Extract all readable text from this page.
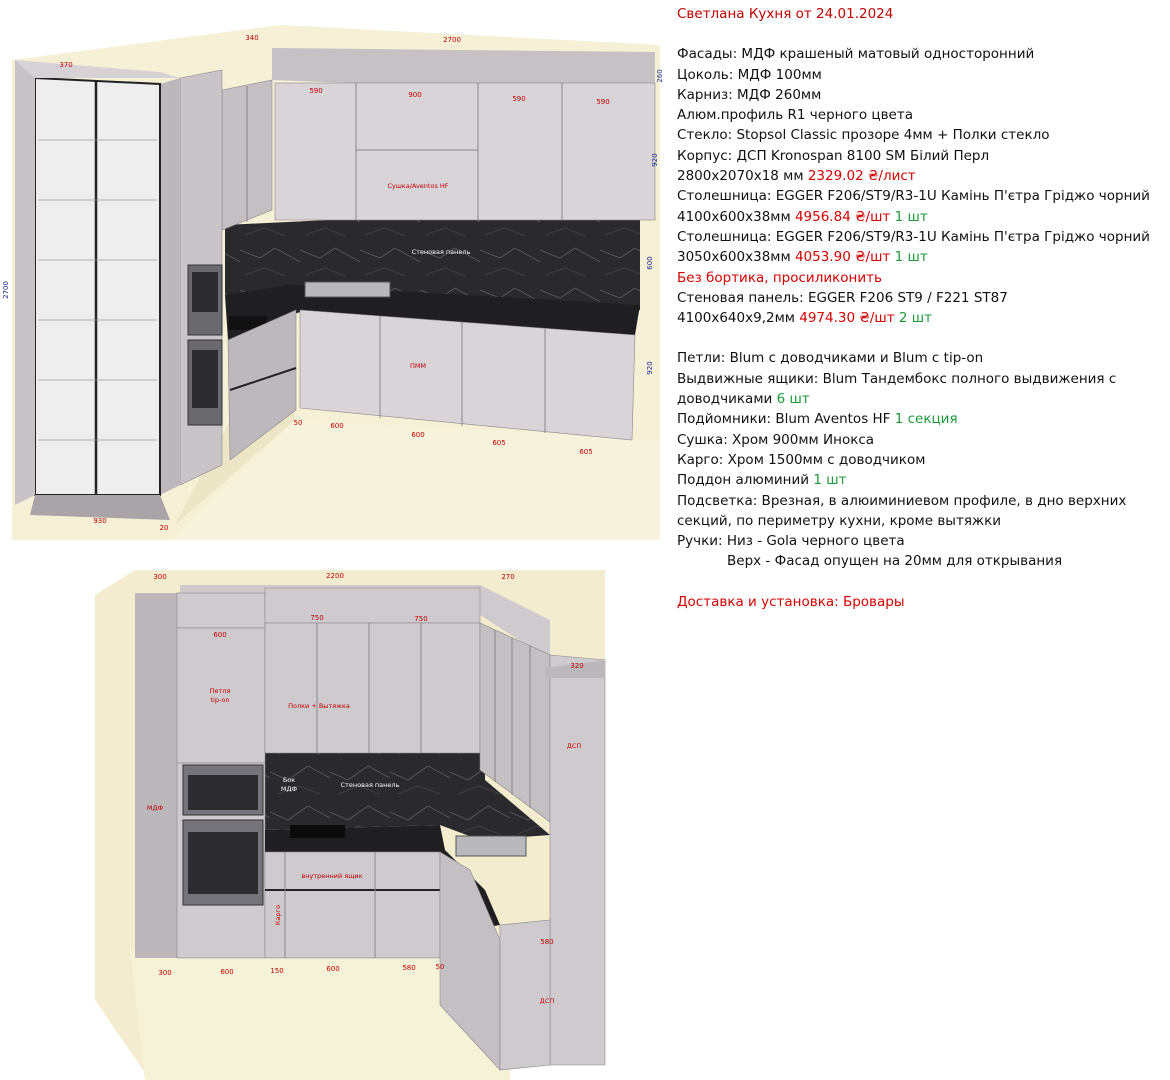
370
340	2700
590	900	590	590
50	600
600
605
605
930
20
260
920
600
920
2700
Сушка/Aventos HF
Стеновая панель
ПММ
300	2200	270
750	750
600
320
580
300	600	150	600	580	50
Петля
tip-on
Полки + Вытяжка
МДФ
ДСП
ДСП
внутренний ящик
Карго
Бок
МДФ	Стеновая панель
Светлана Кухня от 24.01.2024
Фасады: МДФ крашеный матовый односторонний
Цоколь: МДФ 100мм
Карниз: МДФ 260мм
Алюм.профиль R1 черного цвета
Стекло: Stopsol Classic прозоре 4мм + Полки стекло
Корпус: ДСП Kronospan 8100 SM Білий Перл
2800x2070x18 мм 2329.02 ₴/лист
Столешница: EGGER F206/ST9/R3-1U Камінь П'єтра Гріджо чорний
4100x600x38мм 4956.84 ₴/шт 1 шт
Столешница: EGGER F206/ST9/R3-1U Камінь П'єтра Гріджо чорний
3050x600x38мм 4053.90 ₴/шт 1 шт
Без бортика, просиликонить
Стеновая панель: EGGER F206 ST9 / F221 ST87
4100x640x9,2мм 4974.30 ₴/шт 2 шт
Петли: Blum с доводчиками и Blum с tip-on
Выдвижные ящики: Blum Тандембокс полного выдвижения с
доводчиками 6 шт
Подйомники: Blum Aventos HF 1 секция
Сушка: Хром 900мм Инокса
Карго: Хром 1500мм с доводчиком
Поддон алюминий 1 шт
Подсветка: Врезная, в алюиминиевом профиле, в дно верхних
секций, по периметру кухни, кроме вытяжки
Ручки: Низ - Gola черного цвета
Верх - Фасад опущен на 20мм для открывания
Доставка и установка: Бровары
